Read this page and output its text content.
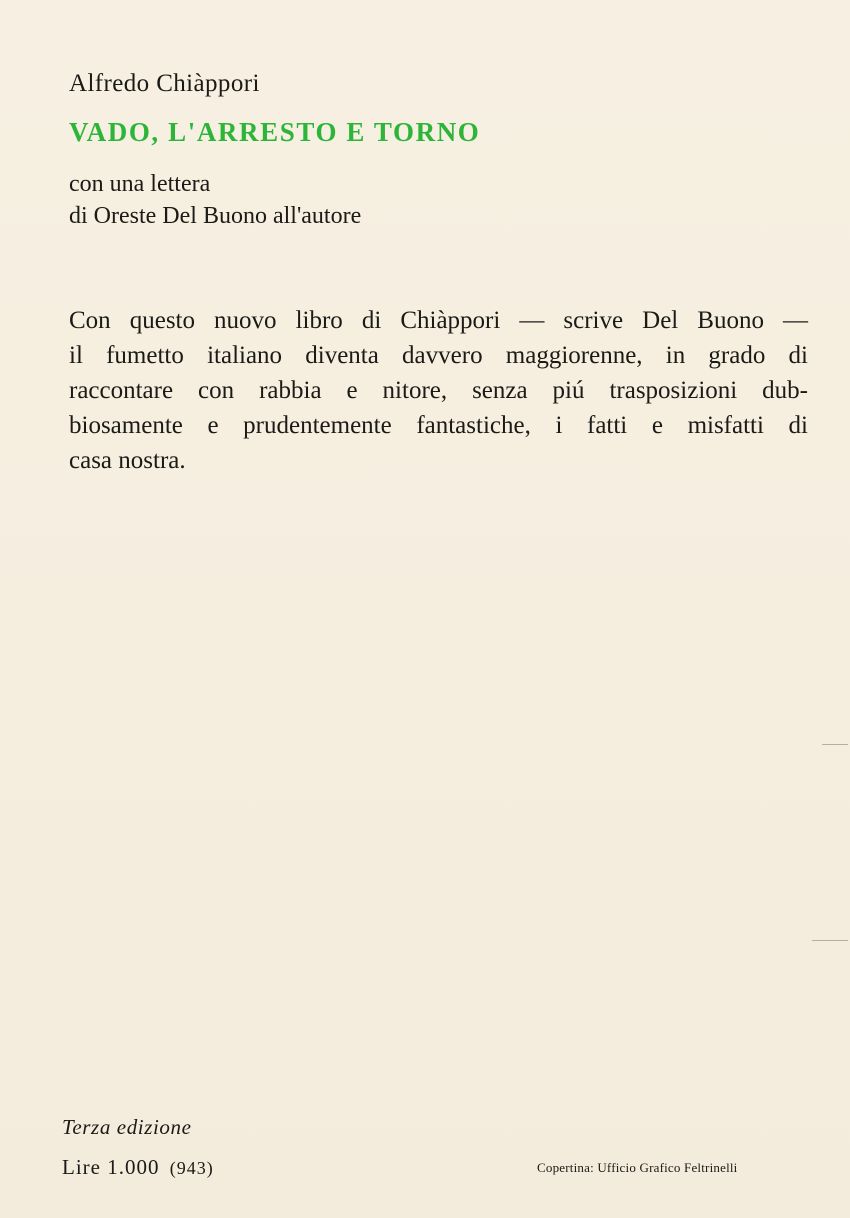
Alfredo Chiàppori
VADO, L'ARRESTO E TORNO
con una lettera
di Oreste Del Buono all'autore
Con questo nuovo libro di Chiàppori — scrive Del Buono —
il fumetto italiano diventa davvero maggiorenne, in grado di
raccontare con rabbia e nitore, senza piú trasposizioni dub-
biosamente e prudentemente fantastiche, i fatti e misfatti di
casa nostra.
Terza edizione
Lire 1.000 (943)	Copertina: Ufficio Grafico Feltrinelli
